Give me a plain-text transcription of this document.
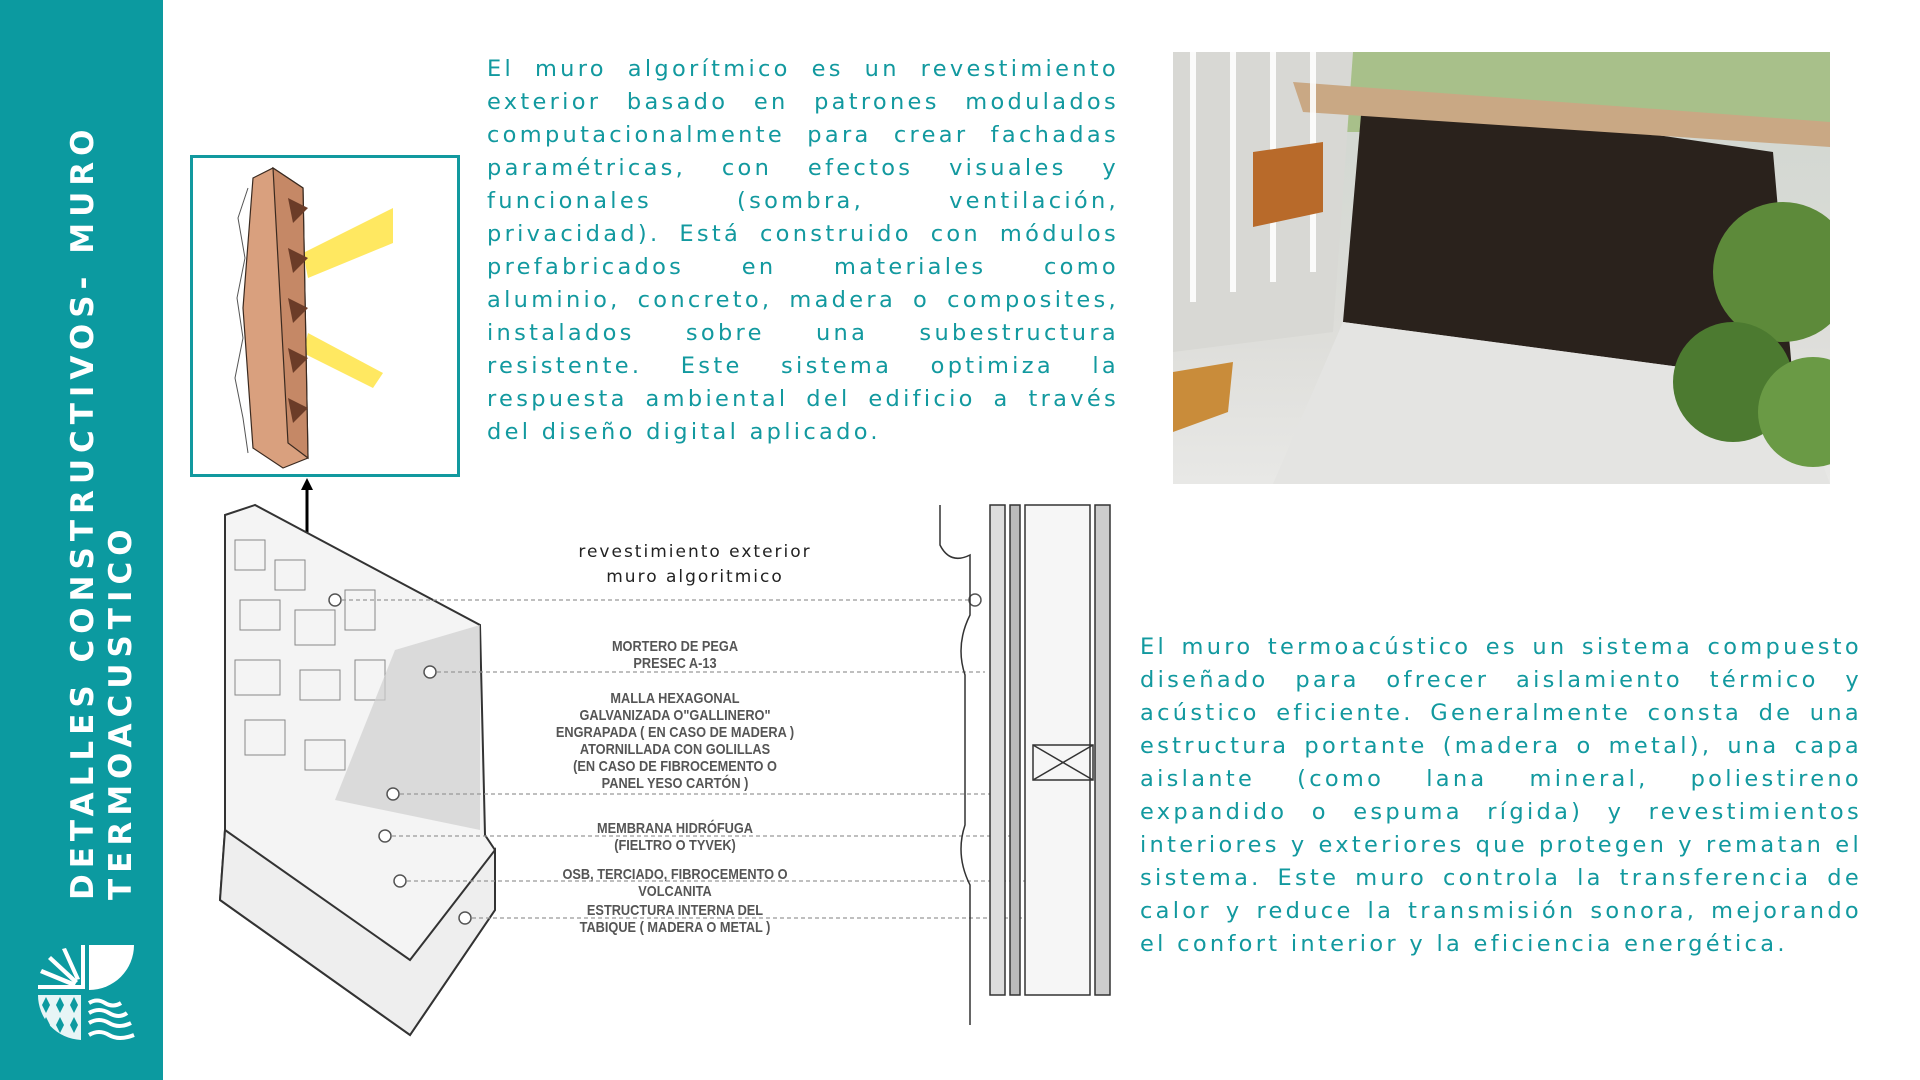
DETALLES CONSTRUCTIVOS- MURO TERMOACUSTICO

El muro algorítmico es un revestimiento exterior basado en patrones modulados computacionalmente para crear fachadas paramétricas, con efectos visuales y funcionales (sombra, ventilación, privacidad). Está construido con módulos prefabricados en materiales como aluminio, concreto, madera o composites, instalados sobre una subestructura resistente. Este sistema optimiza la respuesta ambiental del edificio a través del diseño digital aplicado.

revestimiento exterior
muro algoritmico
MORTERO DE PEGA
PRESEC A-13
MALLA HEXAGONAL
GALVANIZADA O"GALLINERO"
ENGRAPADA ( EN CASO DE MADERA )
ATORNILLADA CON GOLILLAS
(EN CASO DE FIBROCEMENTO O
PANEL YESO CARTÓN )
MEMBRANA HIDRÓFUGA
(FIELTRO O TYVEK)
OSB, TERCIADO, FIBROCEMENTO O
VOLCANITA
ESTRUCTURA INTERNA DEL
TABIQUE ( MADERA O METAL )

El muro termoacústico es un sistema compuesto diseñado para ofrecer aislamiento térmico y acústico eficiente. Generalmente consta de una estructura portante (madera o metal), una capa aislante (como lana mineral, poliestireno expandido o espuma rígida) y revestimientos interiores y exteriores que protegen y rematan el sistema. Este muro controla la transferencia de calor y reduce la transmisión sonora, mejorando el confort interior y la eficiencia energética.
